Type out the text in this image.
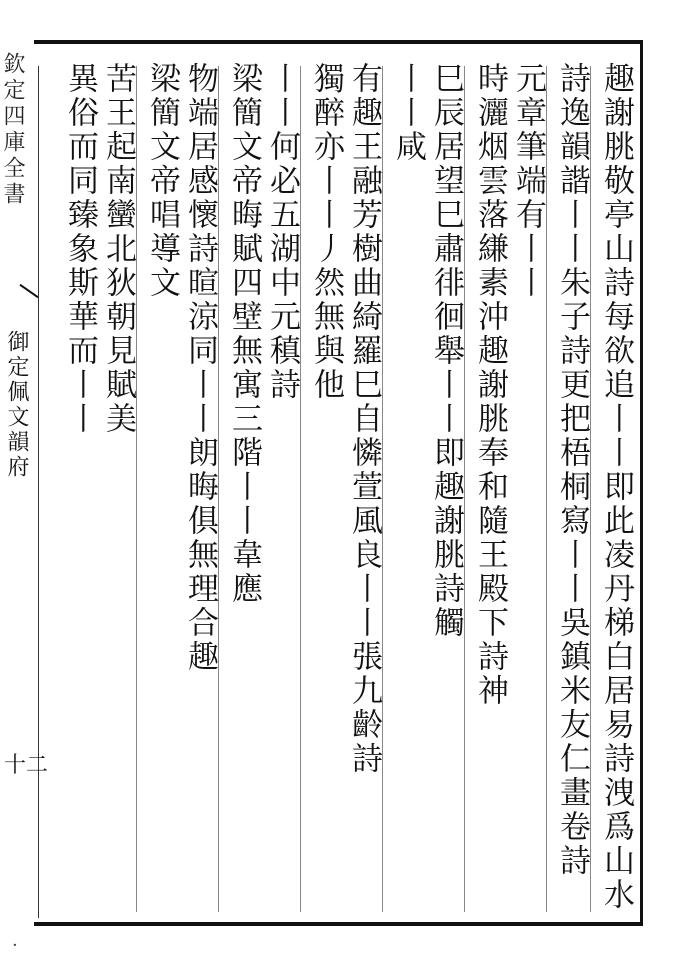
欽定四庫全書
御定佩文韻府
十二
·
趣謝朓敬亭山詩每欲追丨丨即此凌丹梯白居易詩洩爲山水
詩逸韻諧丨丨朱子詩更把梧桐寫丨丨吳鎮米友仁畫卷詩
元章筆端有丨丨
時灑烟雲落縑素沖趣謝朓奉和隨王殿下詩神
巳辰居望巳肅徘徊舉丨丨即趣謝朓詩觸
丨丨咸
有趣王融芳樹曲綺羅巳自憐萱風良丨丨張九齡詩
獨醉亦丨丨丿然無與他
丨丨何必五湖中元稹詩
梁簡文帝晦賦四壁無寓三階丨丨韋應
物端居感懷詩暄涼同丨丨朗晦俱無理合趣
梁簡文帝唱導文
苦王起南蠻北狄朝見賦美
異俗而同臻象斯華而丨丨
